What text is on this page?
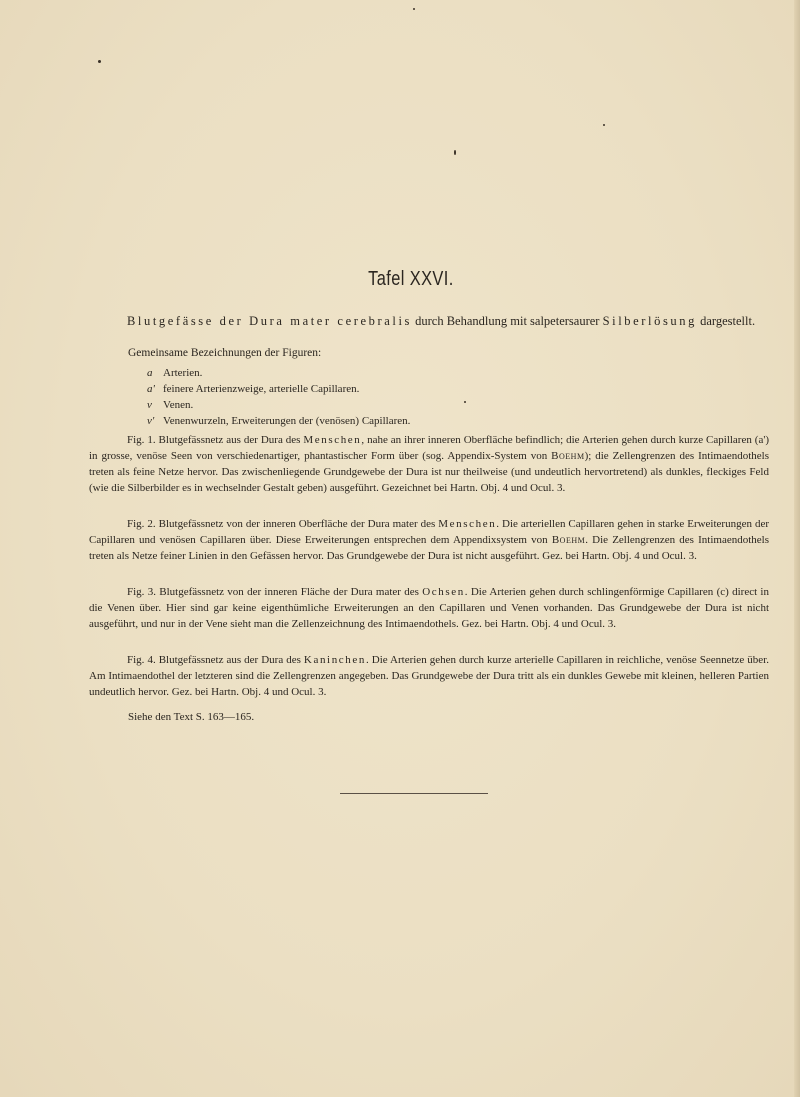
Tafel XXVI.
Blutgefässe der Dura mater cerebralis durch Behandlung mit salpetersaurer Silberlösung dargestellt.
Gemeinsame Bezeichnungen der Figuren:
a Arterien.
a' feinere Arterienzweige, arterielle Capillaren.
v Venen.
v' Venenwurzeln, Erweiterungen der (venösen) Capillaren.

Fig. 1. Blutgefässnetz aus der Dura des Menschen, nahe an ihrer inneren Oberfläche befindlich; die Arterien gehen durch kurze Capillaren (a') in grosse, venöse Seen von verschiedenartiger, phantastischer Form über (sog. Appendix-System von Boehm); die Zellengrenzen des Intimaendothels treten als feine Netze hervor. Das zwischenliegende Grundgewebe der Dura ist nur theilweise (und undeutlich hervortretend) als dunkles, fleckiges Feld (wie die Silberbilder es in wechselnder Gestalt geben) ausgeführt. Gezeichnet bei Hartn. Obj. 4 und Ocul. 3.

Fig. 2. Blutgefässnetz von der inneren Oberfläche der Dura mater des Menschen. Die arteriellen Capillaren gehen in starke Erweiterungen der Capillaren und venösen Capillaren über. Diese Erweiterungen entsprechen dem Appendixsystem von Boehm. Die Zellengrenzen des Intimaendothels treten als Netze feiner Linien in den Gefässen hervor. Das Grundgewebe der Dura ist nicht ausgeführt. Gez. bei Hartn. Obj. 4 und Ocul. 3.

Fig. 3. Blutgefässnetz von der inneren Fläche der Dura mater des Ochsen. Die Arterien gehen durch schlingenförmige Capillaren (c) direct in die Venen über. Hier sind gar keine eigenthümliche Erweiterungen an den Capillaren und Venen vorhanden. Das Grundgewebe der Dura ist nicht ausgeführt, und nur in der Vene sieht man die Zellenzeichnung des Intimaendothels. Gez. bei Hartn. Obj. 4 und Ocul. 3.

Fig. 4. Blutgefässnetz aus der Dura des Kaninchen. Die Arterien gehen durch kurze arterielle Capillaren in reichliche, venöse Seennetze über. Am Intimaendothel der letzteren sind die Zellengrenzen angegeben. Das Grundgewebe der Dura tritt als ein dunkles Gewebe mit kleinen, helleren Partien undeutlich hervor. Gez. bei Hartn. Obj. 4 und Ocul. 3.

Siehe den Text S. 163—165.
